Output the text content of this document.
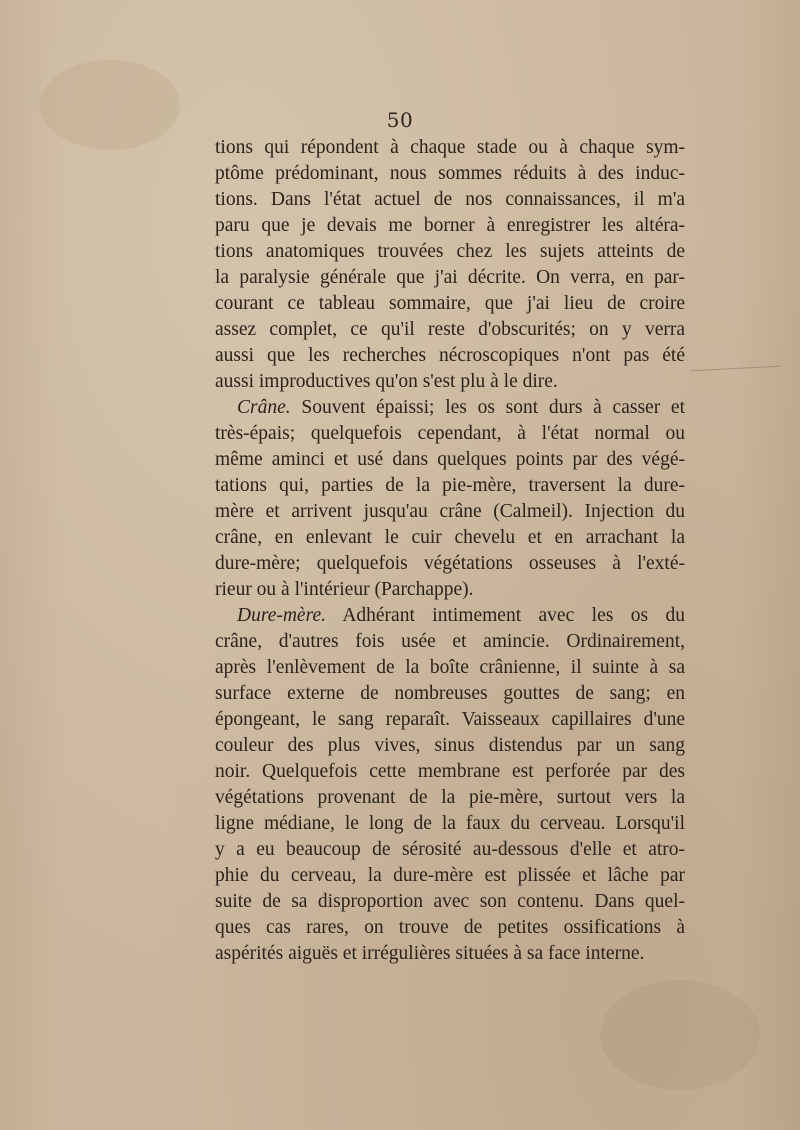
50
tions qui répondent à chaque stade ou à chaque sym-
ptôme prédominant, nous sommes réduits à des induc-
tions. Dans l'état actuel de nos connaissances, il m'a
paru que je devais me borner à enregistrer les altéra-
tions anatomiques trouvées chez les sujets atteints de
la paralysie générale que j'ai décrite. On verra, en par-
courant ce tableau sommaire, que j'ai lieu de croire
assez complet, ce qu'il reste d'obscurités; on y verra
aussi que les recherches nécroscopiques n'ont pas été
aussi improductives qu'on s'est plu à le dire.
Crâne. Souvent épaissi; les os sont durs à casser et
très-épais; quelquefois cependant, à l'état normal ou
même aminci et usé dans quelques points par des végé-
tations qui, parties de la pie-mère, traversent la dure-
mère et arrivent jusqu'au crâne (Calmeil). Injection du
crâne, en enlevant le cuir chevelu et en arrachant la
dure-mère; quelquefois végétations osseuses à l'exté-
rieur ou à l'intérieur (Parchappe).
Dure-mère. Adhérant intimement avec les os du
crâne, d'autres fois usée et amincie. Ordinairement,
après l'enlèvement de la boîte crânienne, il suinte à sa
surface externe de nombreuses gouttes de sang; en
épongeant, le sang reparaît. Vaisseaux capillaires d'une
couleur des plus vives, sinus distendus par un sang
noir. Quelquefois cette membrane est perforée par des
végétations provenant de la pie-mère, surtout vers la
ligne médiane, le long de la faux du cerveau. Lorsqu'il
y a eu beaucoup de sérosité au-dessous d'elle et atro-
phie du cerveau, la dure-mère est plissée et lâche par
suite de sa disproportion avec son contenu. Dans quel-
ques cas rares, on trouve de petites ossifications à
aspérités aiguës et irrégulières situées à sa face interne.
